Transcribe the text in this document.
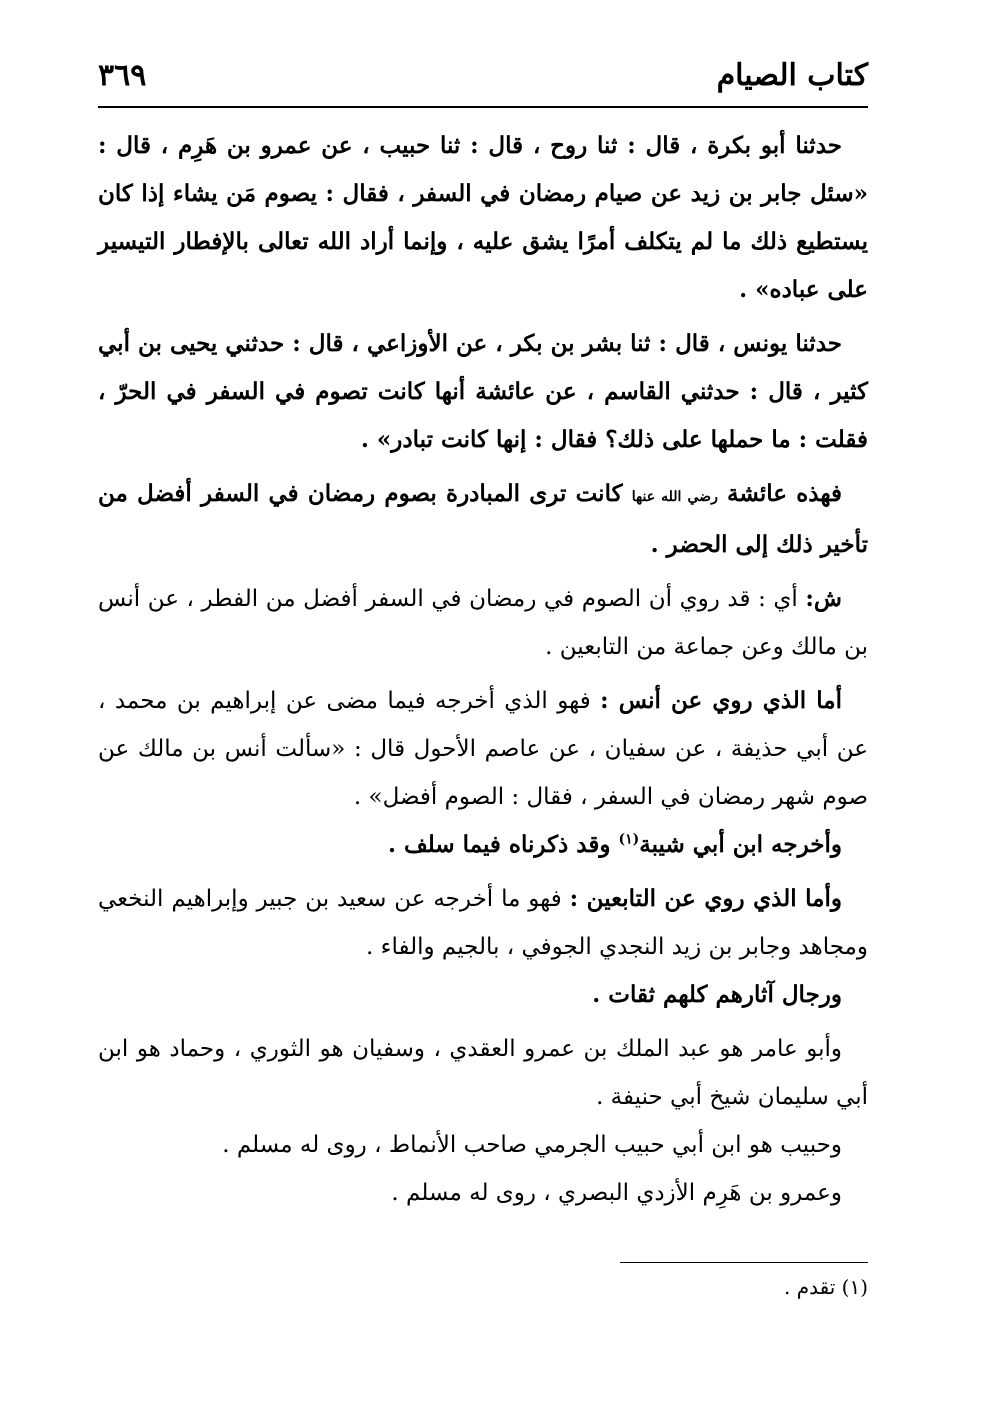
كتاب الصيام
٣٦٩

حدثنا أبو بكرة ، قال : ثنا روح ، قال : ثنا حبيب ، عن عمرو بن هَرِم ، قال : «سئل جابر بن زيد عن صيام رمضان في السفر ، فقال : يصوم مَن يشاء إذا كان يستطيع ذلك ما لم يتكلف أمرًا يشق عليه ، وإنما أراد الله تعالى بالإفطار التيسير على عباده» .

حدثنا يونس ، قال : ثنا بشر بن بكر ، عن الأوزاعي ، قال : حدثني يحيى بن أبي كثير ، قال : حدثني القاسم ، عن عائشة أنها كانت تصوم في السفر في الحرّ ، فقلت : ما حملها على ذلك؟ فقال : إنها كانت تبادر» .

فهذه عائشة رضي الله عنها كانت ترى المبادرة بصوم رمضان في السفر أفضل من تأخير ذلك إلى الحضر .

ش: أي : قد روي أن الصوم في رمضان في السفر أفضل من الفطر ، عن أنس بن مالك وعن جماعة من التابعين .

أما الذي روي عن أنس : فهو الذي أخرجه فيما مضى عن إبراهيم بن محمد ، عن أبي حذيفة ، عن سفيان ، عن عاصم الأحول قال : «سألت أنس بن مالك عن صوم شهر رمضان في السفر ، فقال : الصوم أفضل» .

وأخرجه ابن أبي شيبة$^{(١)}$ وقد ذكرناه فيما سلف .

وأما الذي روي عن التابعين : فهو ما أخرجه عن سعيد بن جبير وإبراهيم النخعي ومجاهد وجابر بن زيد النجدي الجوفي ، بالجيم والفاء .

ورجال آثارهم كلهم ثقات .

وأبو عامر هو عبد الملك بن عمرو العقدي ، وسفيان هو الثوري ، وحماد هو ابن أبي سليمان شيخ أبي حنيفة .

وحبيب هو ابن أبي حبيب الجرمي صاحب الأنماط ، روى له مسلم .

وعمرو بن هَرِم الأزدي البصري ، روى له مسلم .

(١) تقدم .
